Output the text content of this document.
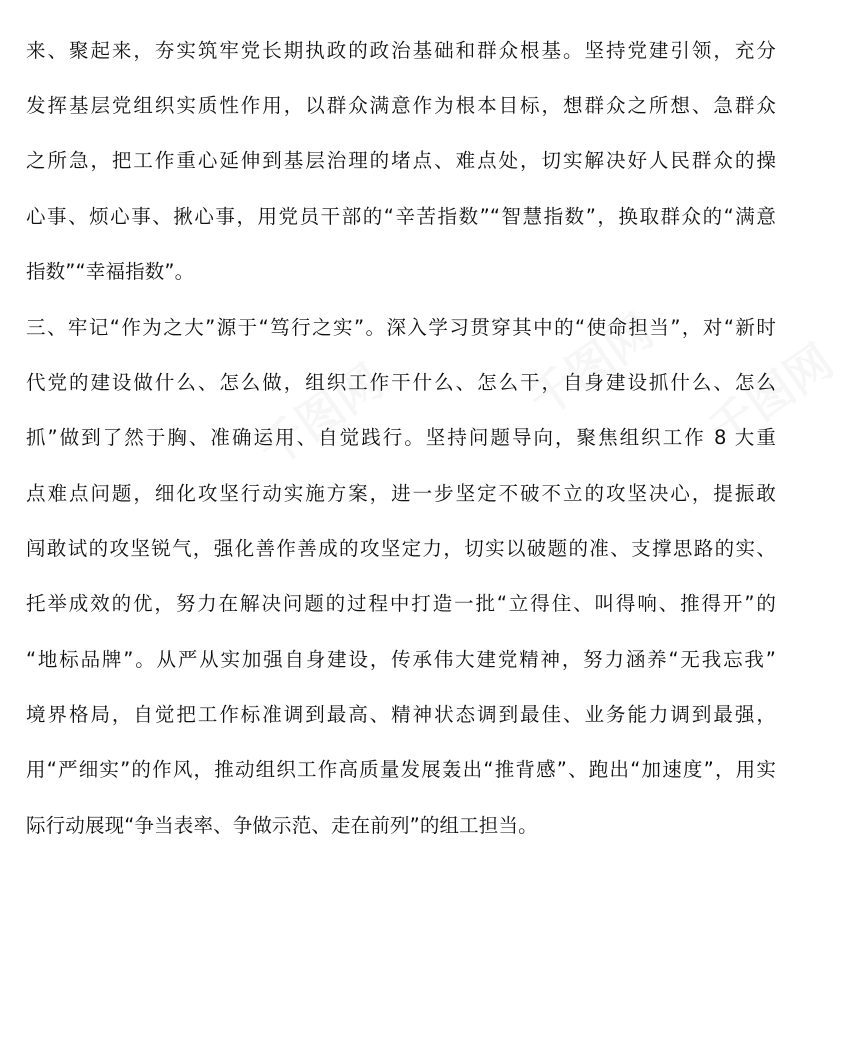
千图网	千图网 千图网
来、聚起来，夯实筑牢党长期执政的政治基础和群众根基。坚持党建引领，充分
发挥基层党组织实质性作用，以群众满意作为根本目标，想群众之所想、急群众
之所急，把工作重心延伸到基层治理的堵点、难点处，切实解决好人民群众的操
心事、烦心事、揪心事，用党员干部的“辛苦指数”“智慧指数”，换取群众的“满意
指数”“幸福指数”。
三、牢记“作为之大”源于“笃行之实”。深入学习贯穿其中的“使命担当”，对“新时
代党的建设做什么、怎么做，组织工作干什么、怎么干，自身建设抓什么、怎么
抓”做到了然于胸、准确运用、自觉践行。坚持问题导向，聚焦组织工作 8 大重
点难点问题，细化攻坚行动实施方案，进一步坚定不破不立的攻坚决心，提振敢
闯敢试的攻坚锐气，强化善作善成的攻坚定力，切实以破题的准、支撑思路的实、
托举成效的优，努力在解决问题的过程中打造一批“立得住、叫得响、推得开”的
“地标品牌”。从严从实加强自身建设，传承伟大建党精神，努力涵养“无我忘我”
境界格局，自觉把工作标准调到最高、精神状态调到最佳、业务能力调到最强，
用“严细实”的作风，推动组织工作高质量发展轰出“推背感”、跑出“加速度”，用实
际行动展现“争当表率、争做示范、走在前列”的组工担当。
